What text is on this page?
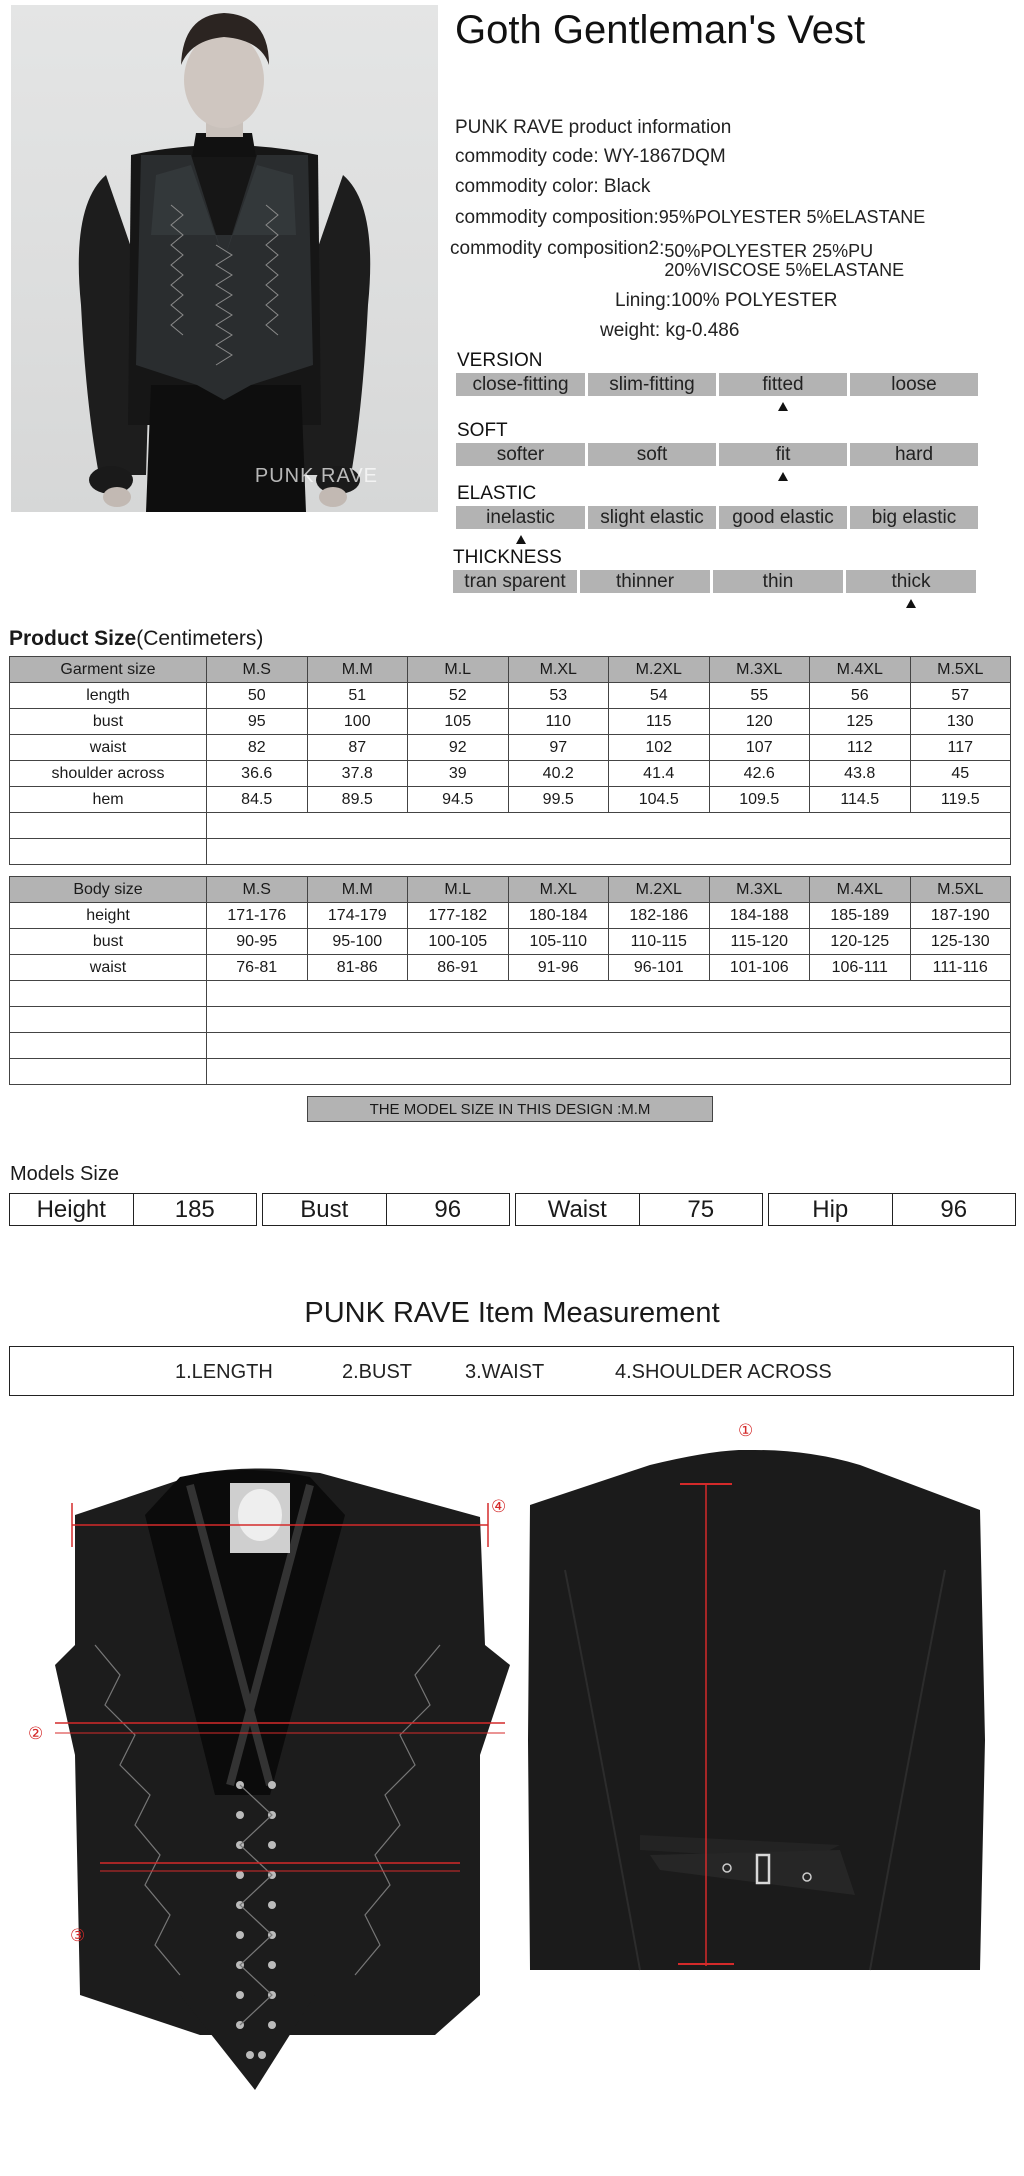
PUNK RAVE
Goth Gentleman's Vest
PUNK RAVE product information
commodity code: WY-1867DQM
commodity color: Black
commodity composition:95%POLYESTER 5%ELASTANE
commodity composition2:50%POLYESTER 25%PU
20%VISCOSE 5%ELASTANE
Lining:100% POLYESTER
weight: kg-0.486
VERSION
close-fitting slim-fitting	fitted	loose
SOFT
softer	soft	fit	hard
ELASTIC
inelastic slight elastic good elastic big elastic
THICKNESS
tran sparent	thinner	thin	thick
Product Size(Centimeters)
Garment size	M.S	M.M	M.L	M.XL	M.2XL	M.3XL	M.4XL	M.5XL
length	50	51	52	53	54	55	56	57
bust	95	100	105	110	115	120	125	130
waist	82	87	92	97	102	107	112	117
shoulder across	36.6	37.8	39	40.2	41.4	42.6	43.8	45
hem	84.5	89.5	94.5	99.5	104.5	109.5	114.5	119.5

Body size	M.S	M.M	M.L	M.XL	M.2XL	M.3XL	M.4XL	M.5XL
height	171-176	174-179	177-182	180-184	182-186	184-188	185-189	187-190
bust	90-95	95-100	100-105	105-110	110-115	115-120	120-125	125-130
waist	76-81	81-86	86-91	91-96	96-101	101-106	106-111	111-116

THE MODEL SIZE IN THIS DESIGN :M.M
Models Size
Height	185	Bust	96	Waist	75	Hip	96
PUNK RAVE Item Measurement
1.LENGTH	2.BUST	3.WAIST	4.SHOULDER ACROSS
④
②
③
①
